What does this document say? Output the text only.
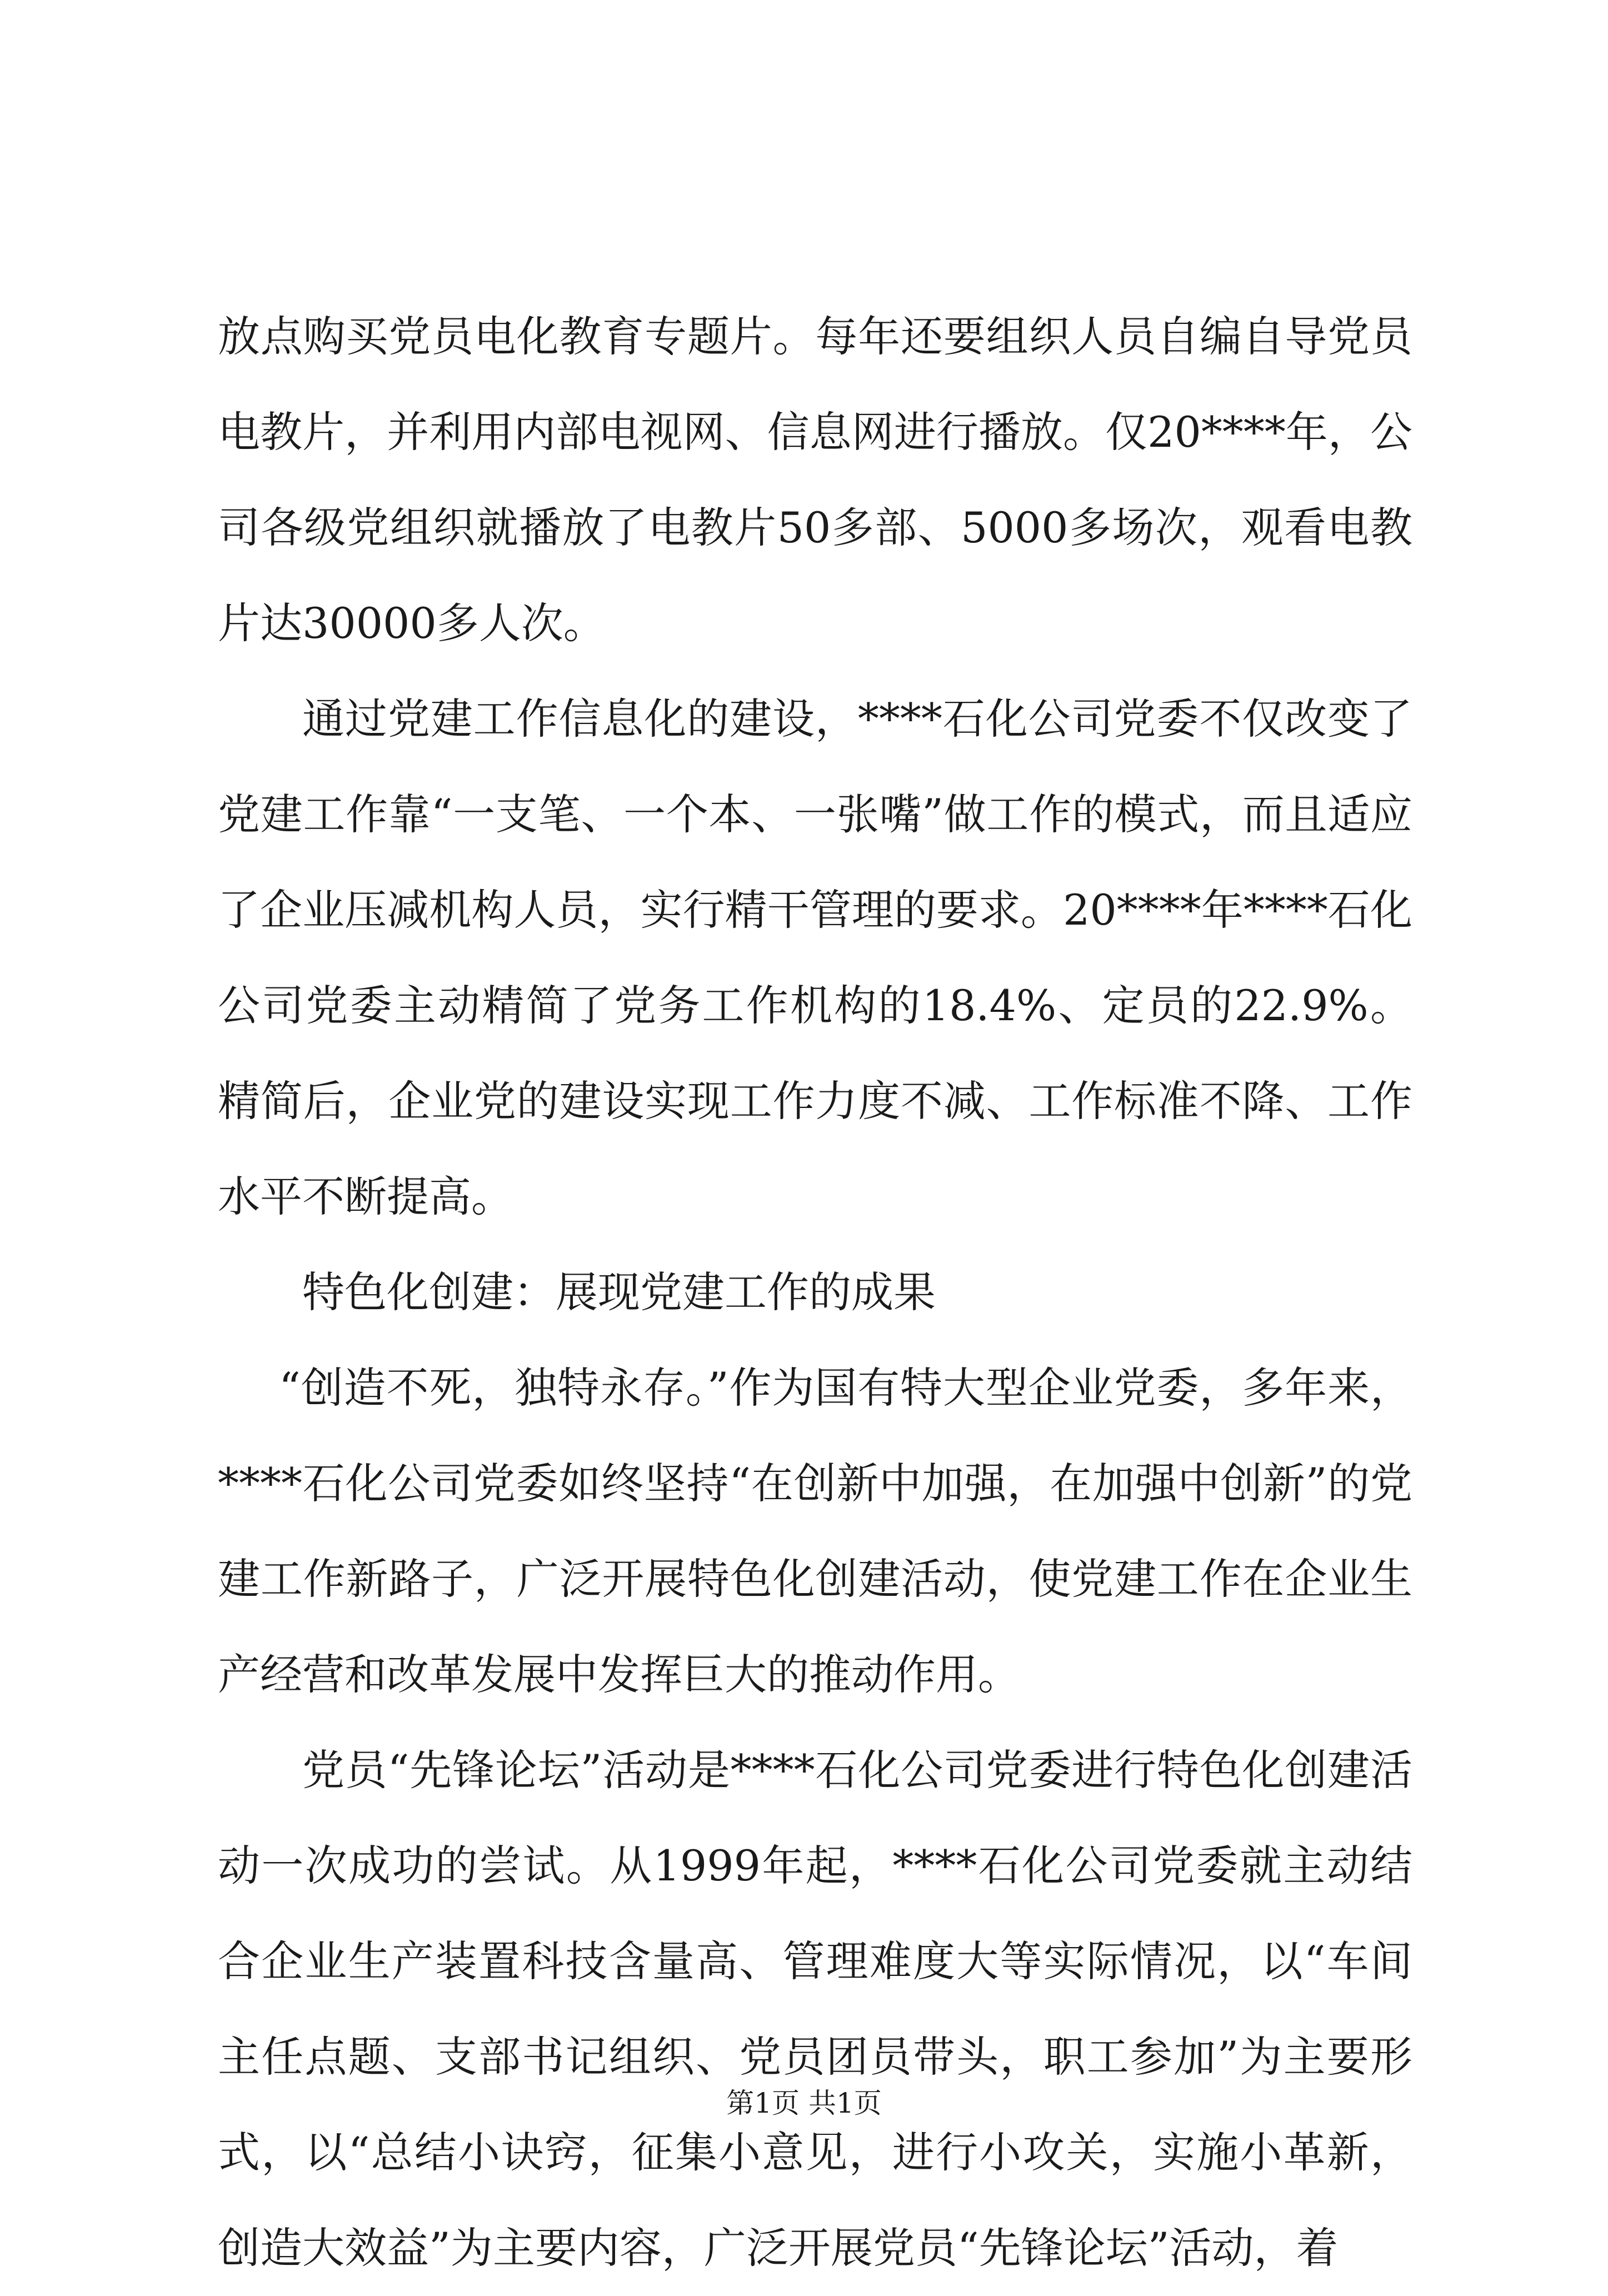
放点购买党员电化教育专题片。每年还要组织人员自编自导党员电教片，并利用内部电视网、信息网进行播放。仅20****年，公司各级党组织就播放了电教片50多部、5000多场次，观看电教片达30000多人次。

通过党建工作信息化的建设，****石化公司党委不仅改变了党建工作靠“一支笔、一个本、一张嘴”做工作的模式，而且适应了企业压减机构人员，实行精干管理的要求。20****年****石化公司党委主动精简了党务工作机构的18.4%、定员的22.9%。精简后，企业党的建设实现工作力度不减、工作标准不降、工作水平不断提高。

特色化创建：展现党建工作的成果

“创造不死，独特永存。”作为国有特大型企业党委，多年来，****石化公司党委如终坚持“在创新中加强，在加强中创新”的党建工作新路子，广泛开展特色化创建活动，使党建工作在企业生产经营和改革发展中发挥巨大的推动作用。

党员“先锋论坛”活动是****石化公司党委进行特色化创建活动一次成功的尝试。从1999年起，****石化公司党委就主动结合企业生产装置科技含量高、管理难度大等实际情况，以“车间主任点题、支部书记组织、党员团员带头，职工参加”为主要形式，以“总结小诀窍，征集小意见，进行小攻关，实施小革新，创造大效益”为主要内容，广泛开展党员“先锋论坛”活动，着

第1页 共1页
